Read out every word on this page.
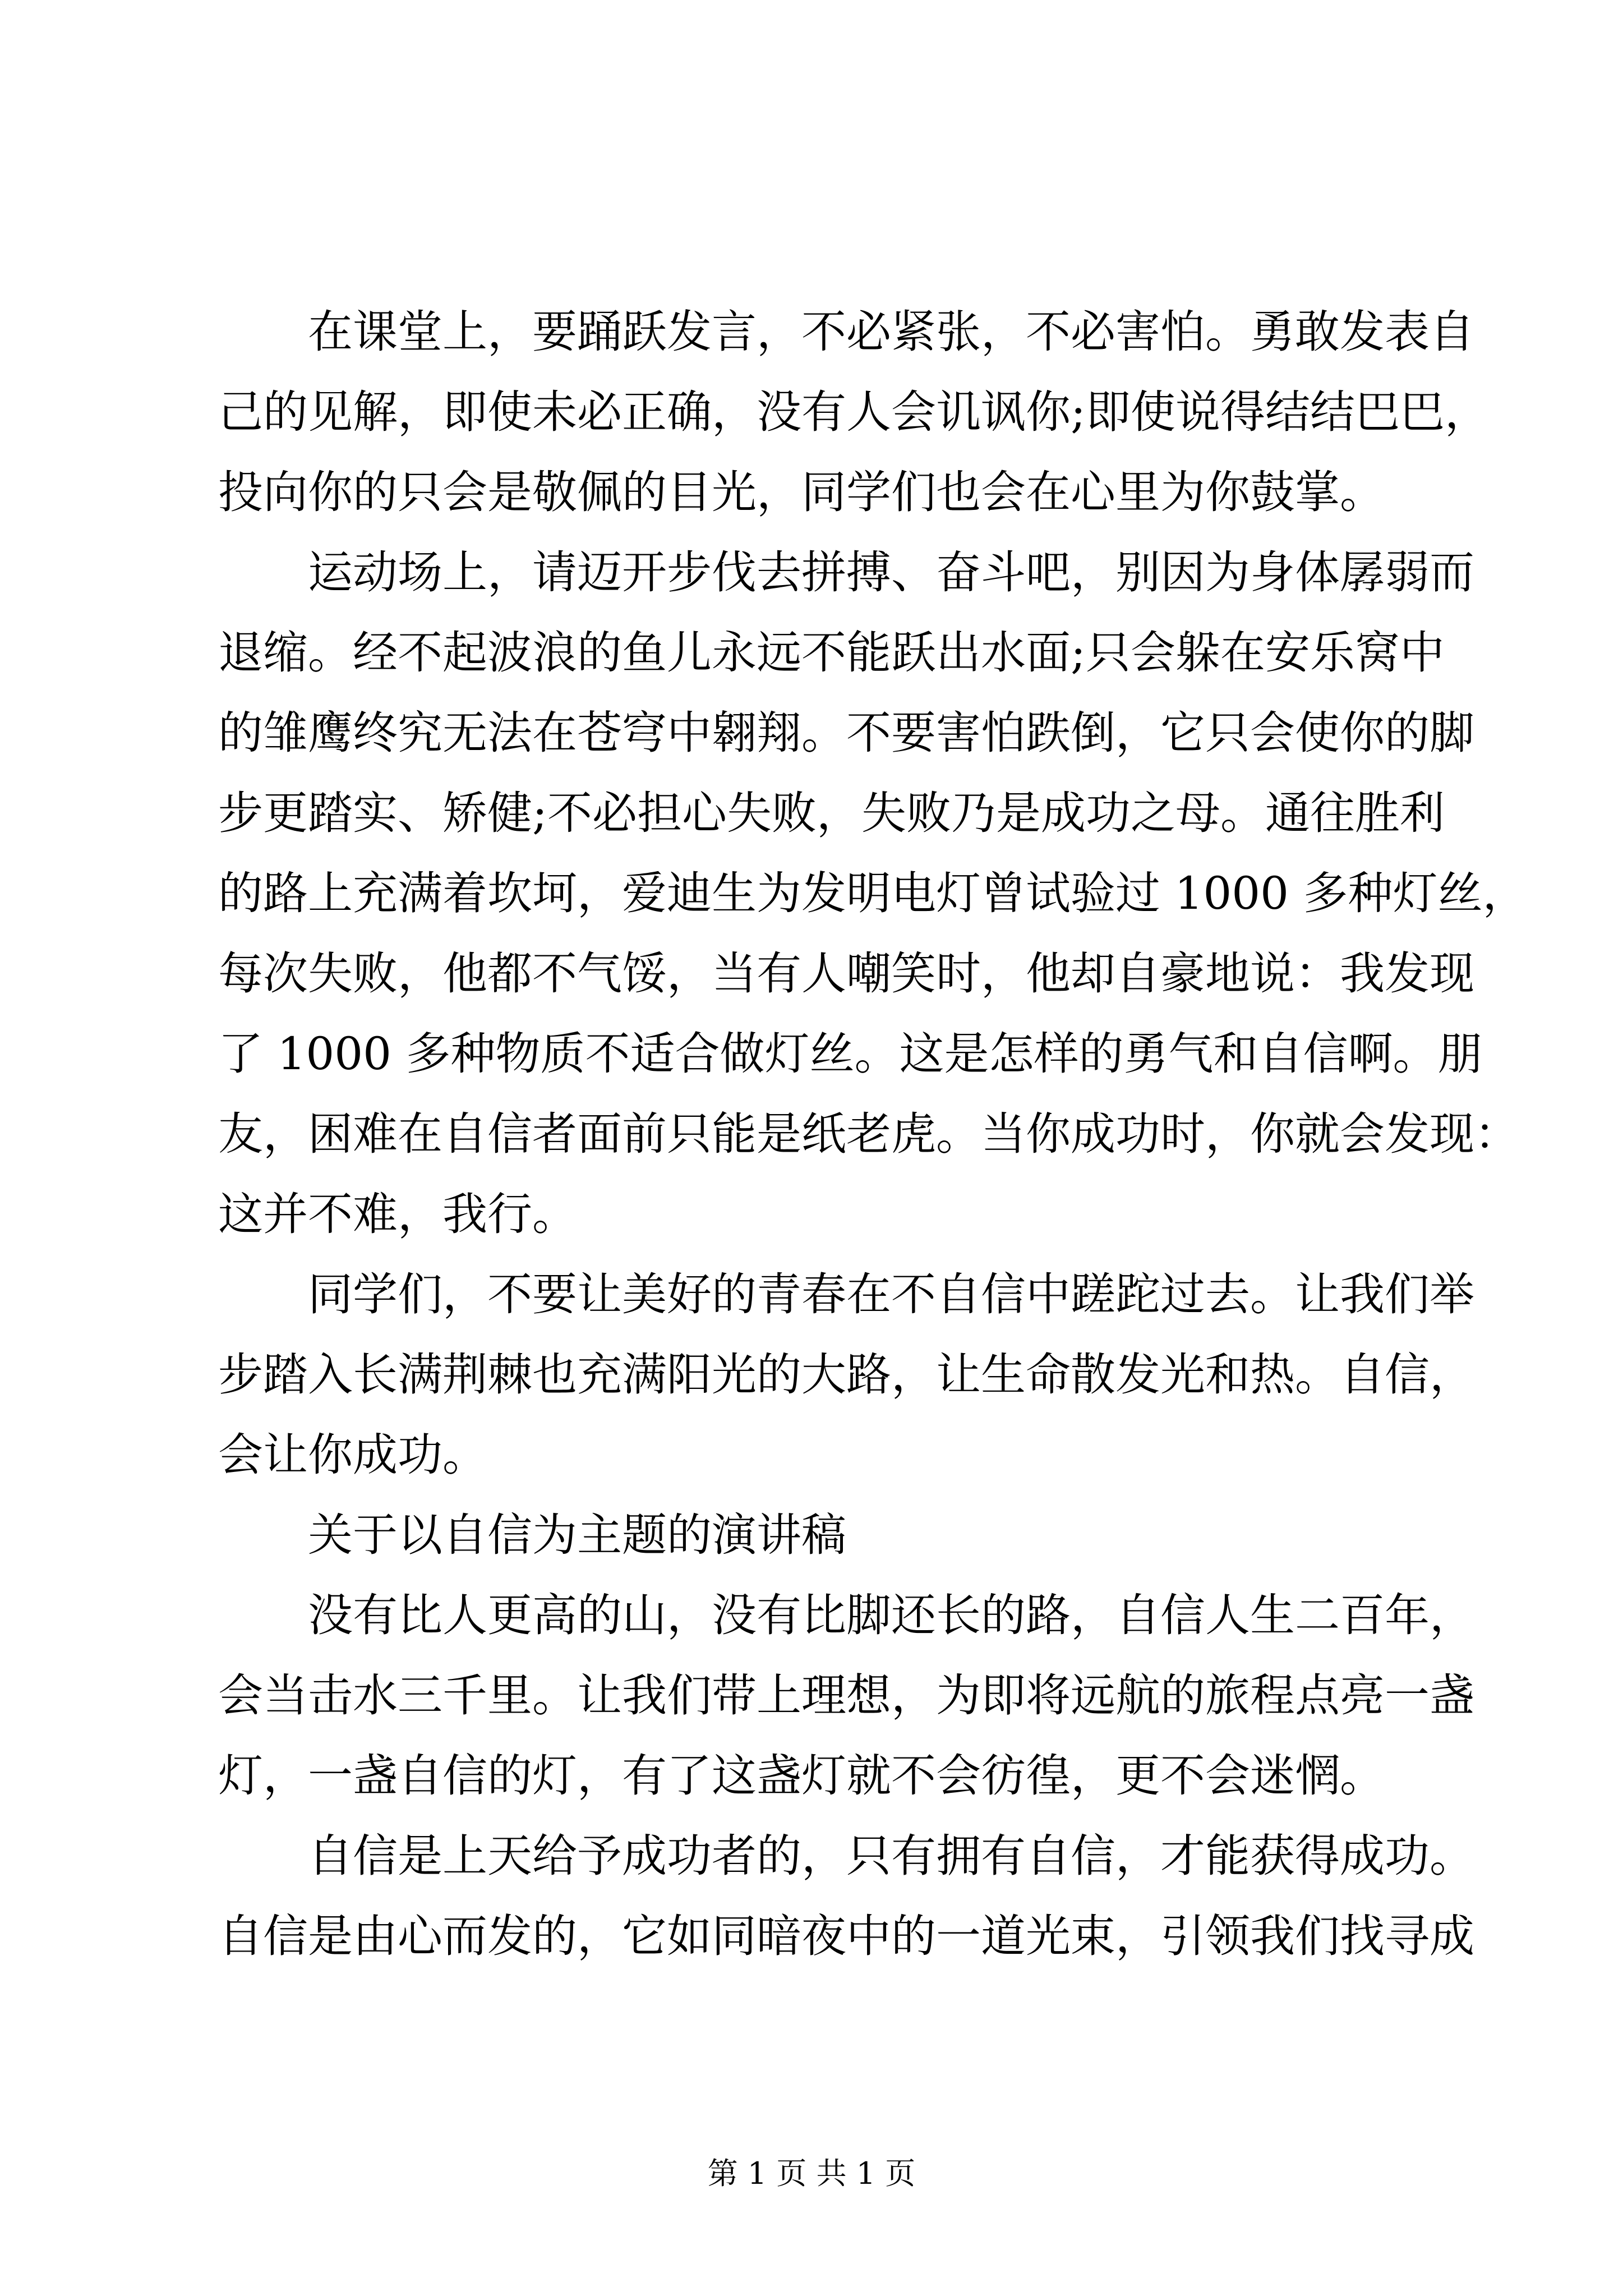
在课堂上，要踊跃发言，不必紧张，不必害怕。勇敢发表自
己的见解，即使未必正确，没有人会讥讽你;即使说得结结巴巴，
投向你的只会是敬佩的目光，同学们也会在心里为你鼓掌。

运动场上，请迈开步伐去拼搏、奋斗吧，别因为身体孱弱而
退缩。经不起波浪的鱼儿永远不能跃出水面;只会躲在安乐窝中
的雏鹰终究无法在苍穹中翱翔。不要害怕跌倒，它只会使你的脚
步更踏实、矫健;不必担心失败，失败乃是成功之母。通往胜利
的路上充满着坎坷，爱迪生为发明电灯曾试验过 1000 多种灯丝，
每次失败，他都不气馁，当有人嘲笑时，他却自豪地说：我发现
了 1000 多种物质不适合做灯丝。这是怎样的勇气和自信啊。朋
友，困难在自信者面前只能是纸老虎。当你成功时，你就会发现：
这并不难，我行。

同学们，不要让美好的青春在不自信中蹉跎过去。让我们举
步踏入长满荆棘也充满阳光的大路，让生命散发光和热。自信，
会让你成功。

关于以自信为主题的演讲稿

没有比人更高的山，没有比脚还长的路，自信人生二百年，
会当击水三千里。让我们带上理想，为即将远航的旅程点亮一盏
灯，一盏自信的灯，有了这盏灯就不会彷徨，更不会迷惘。

自信是上天给予成功者的，只有拥有自信，才能获得成功。
自信是由心而发的，它如同暗夜中的一道光束，引领我们找寻成

第 1 页 共 1 页
